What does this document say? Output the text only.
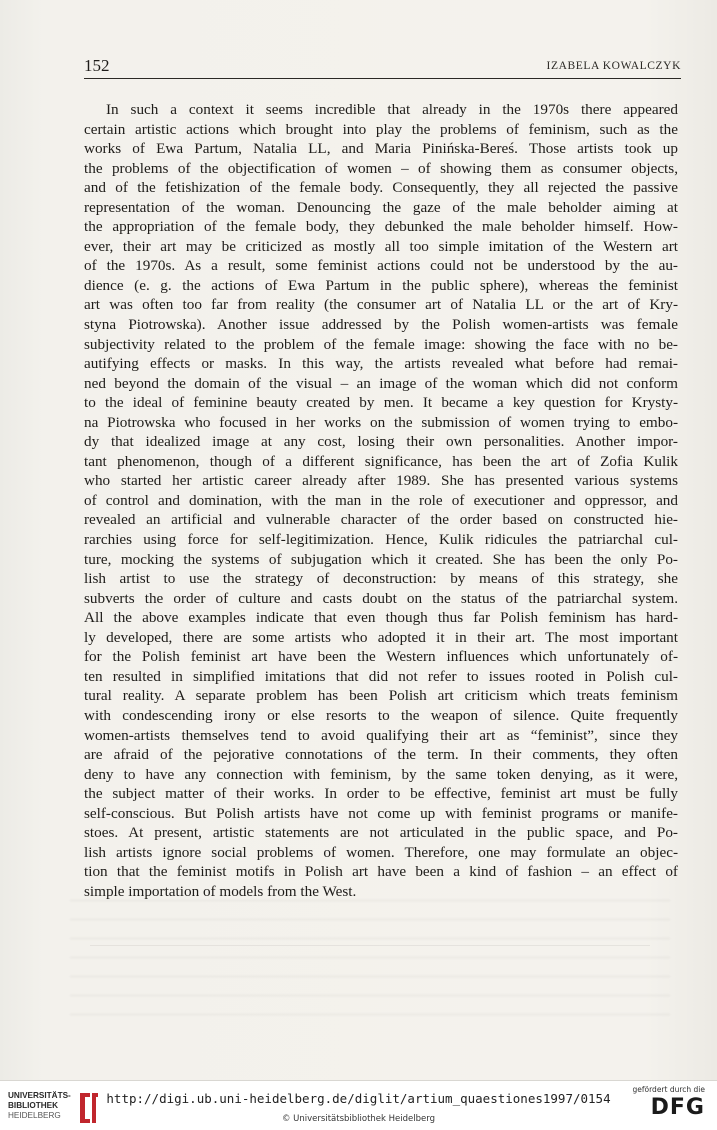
152	IZABELA KOWALCZYK
In such a context it seems incredible that already in the 1970s there appeared
certain artistic actions which brought into play the problems of feminism, such as the
works of Ewa Partum, Natalia LL, and Maria Pinińska-Bereś. Those artists took up
the problems of the objectification of women – of showing them as consumer objects,
and of the fetishization of the female body. Consequently, they all rejected the passive
representation of the woman. Denouncing the gaze of the male beholder aiming at
the appropriation of the female body, they debunked the male beholder himself. How-
ever, their art may be criticized as mostly all too simple imitation of the Western art
of the 1970s. As a result, some feminist actions could not be understood by the au-
dience (e. g. the actions of Ewa Partum in the public sphere), whereas the feminist
art was often too far from reality (the consumer art of Natalia LL or the art of Kry-
styna Piotrowska). Another issue addressed by the Polish women-artists was female
subjectivity related to the problem of the female image: showing the face with no be-
autifying effects or masks. In this way, the artists revealed what before had remai-
ned beyond the domain of the visual – an image of the woman which did not conform
to the ideal of feminine beauty created by men. It became a key question for Krysty-
na Piotrowska who focused in her works on the submission of women trying to embo-
dy that idealized image at any cost, losing their own personalities. Another impor-
tant phenomenon, though of a different significance, has been the art of Zofia Kulik
who started her artistic career already after 1989. She has presented various systems
of control and domination, with the man in the role of executioner and oppressor, and
revealed an artificial and vulnerable character of the order based on constructed hie-
rarchies using force for self-legitimization. Hence, Kulik ridicules the patriarchal cul-
ture, mocking the systems of subjugation which it created. She has been the only Po-
lish artist to use the strategy of deconstruction: by means of this strategy, she
subverts the order of culture and casts doubt on the status of the patriarchal system.
All the above examples indicate that even though thus far Polish feminism has hard-
ly developed, there are some artists who adopted it in their art. The most important
for the Polish feminist art have been the Western influences which unfortunately of-
ten resulted in simplified imitations that did not refer to issues rooted in Polish cul-
tural reality. A separate problem has been Polish art criticism which treats feminism
with condescending irony or else resorts to the weapon of silence. Quite frequently
women-artists themselves tend to avoid qualifying their art as “feminist”, since they
are afraid of the pejorative connotations of the term. In their comments, they often
deny to have any connection with feminism, by the same token denying, as it were,
the subject matter of their works. In order to be effective, feminist art must be fully
self-conscious. But Polish artists have not come up with feminist programs or manife-
stoes. At present, artistic statements are not articulated in the public space, and Po-
lish artists ignore social problems of women. Therefore, one may formulate an objec-
tion that the feminist motifs in Polish art have been a kind of fashion – an effect of
simple importation of models from the West.
UNIVERSITÄTS-
BIBLIOTHEK
HEIDELBERG
http://digi.ub.uni-heidelberg.de/diglit/artium_quaestiones1997/0154
© Universitätsbibliothek Heidelberg
gefördert durch die
DFG
